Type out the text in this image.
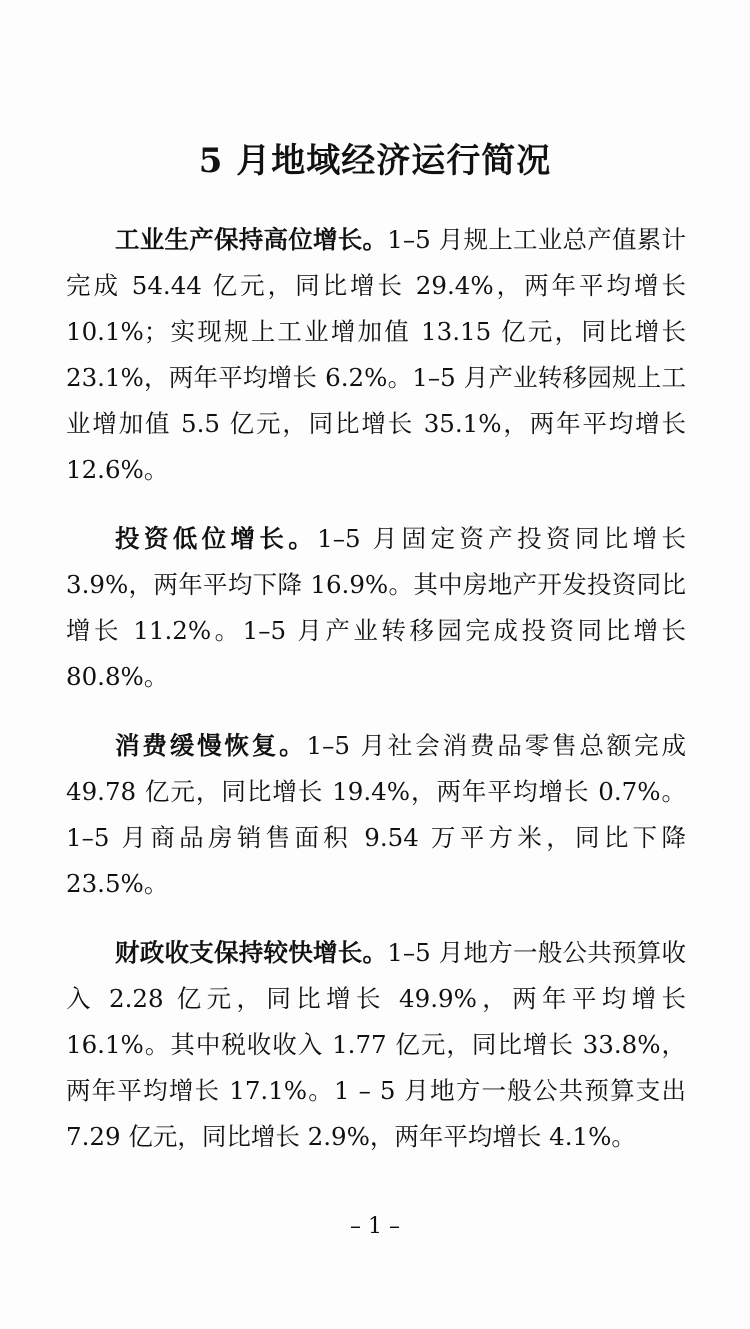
5 月地域经济运行简况

工业生产保持高位增长。1–5 月规上工业总产值累计完成 54.44 亿元，同比增长 29.4%，两年平均增长 10.1%；实现规上工业增加值 13.15 亿元，同比增长 23.1%，两年平均增长 6.2%。1–5 月产业转移园规上工业增加值 5.5 亿元，同比增长 35.1%，两年平均增长 12.6%。

投资低位增长。1–5 月固定资产投资同比增长 3.9%，两年平均下降 16.9%。其中房地产开发投资同比增长 11.2%。1–5 月产业转移园完成投资同比增长 80.8%。

消费缓慢恢复。1–5 月社会消费品零售总额完成 49.78 亿元，同比增长 19.4%，两年平均增长 0.7%。1–5 月商品房销售面积 9.54 万平方米，同比下降 23.5%。

财政收支保持较快增长。1–5 月地方一般公共预算收入 2.28 亿元，同比增长 49.9%，两年平均增长 16.1%。其中税收收入 1.77 亿元，同比增长 33.8%，两年平均增长 17.1%。1 – 5 月地方一般公共预算支出 7.29 亿元，同比增长 2.9%，两年平均增长 4.1%。

– 1 –
